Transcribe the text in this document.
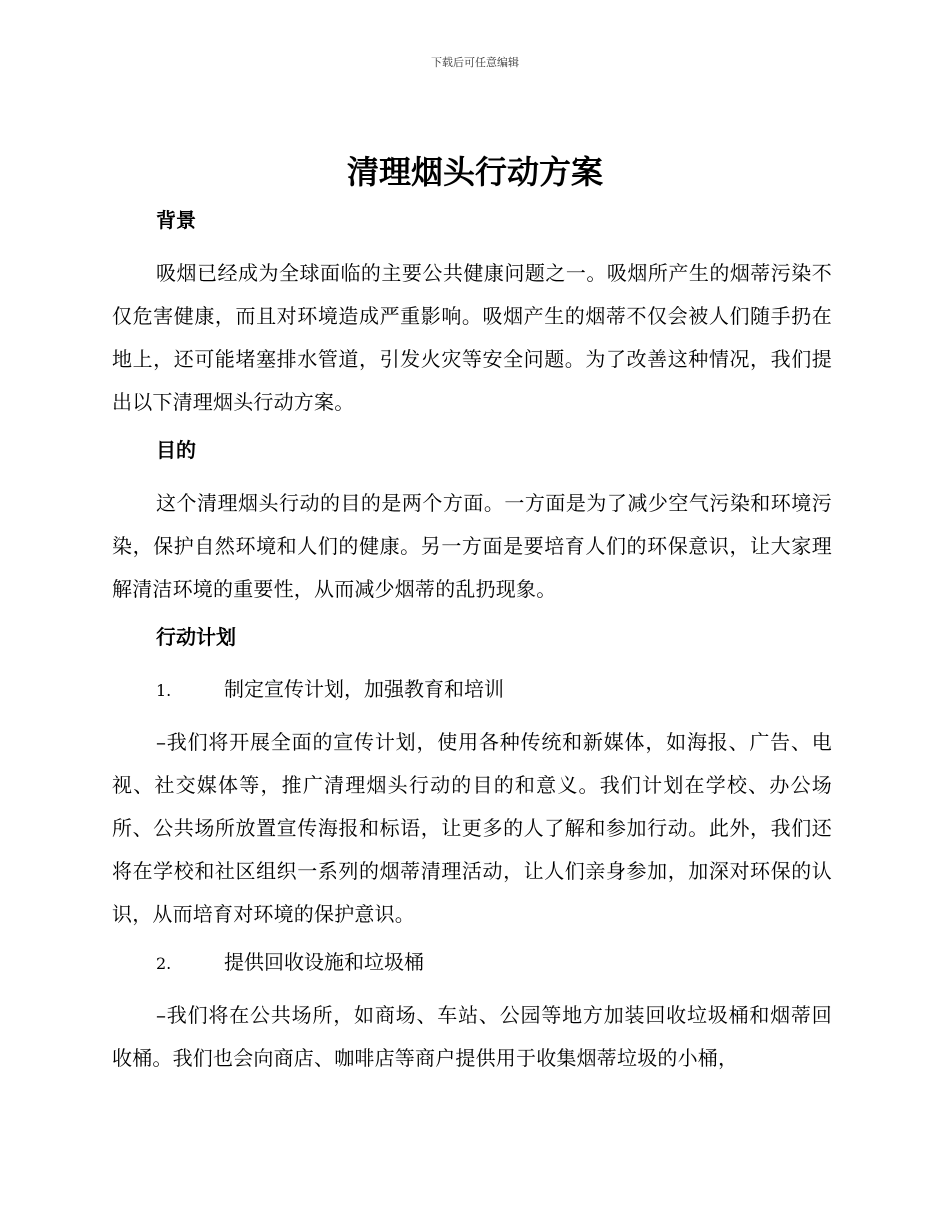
下载后可任意编辑
清理烟头行动方案
背景
吸烟已经成为全球面临的主要公共健康问题之一。吸烟所产生的烟蒂污染不仅危害健康，而且对环境造成严重影响。吸烟产生的烟蒂不仅会被人们随手扔在地上，还可能堵塞排水管道，引发火灾等安全问题。为了改善这种情况，我们提出以下清理烟头行动方案。
目的
这个清理烟头行动的目的是两个方面。一方面是为了减少空气污染和环境污染，保护自然环境和人们的健康。另一方面是要培育人们的环保意识，让大家理解清洁环境的重要性，从而减少烟蒂的乱扔现象。
行动计划
1.	制定宣传计划，加强教育和培训
–我们将开展全面的宣传计划，使用各种传统和新媒体，如海报、广告、电视、社交媒体等，推广清理烟头行动的目的和意义。我们计划在学校、办公场所、公共场所放置宣传海报和标语，让更多的人了解和参加行动。此外，我们还将在学校和社区组织一系列的烟蒂清理活动，让人们亲身参加，加深对环保的认识，从而培育对环境的保护意识。
2.	提供回收设施和垃圾桶
–我们将在公共场所，如商场、车站、公园等地方加装回收垃圾桶和烟蒂回收桶。我们也会向商店、咖啡店等商户提供用于收集烟蒂垃圾的小桶，
